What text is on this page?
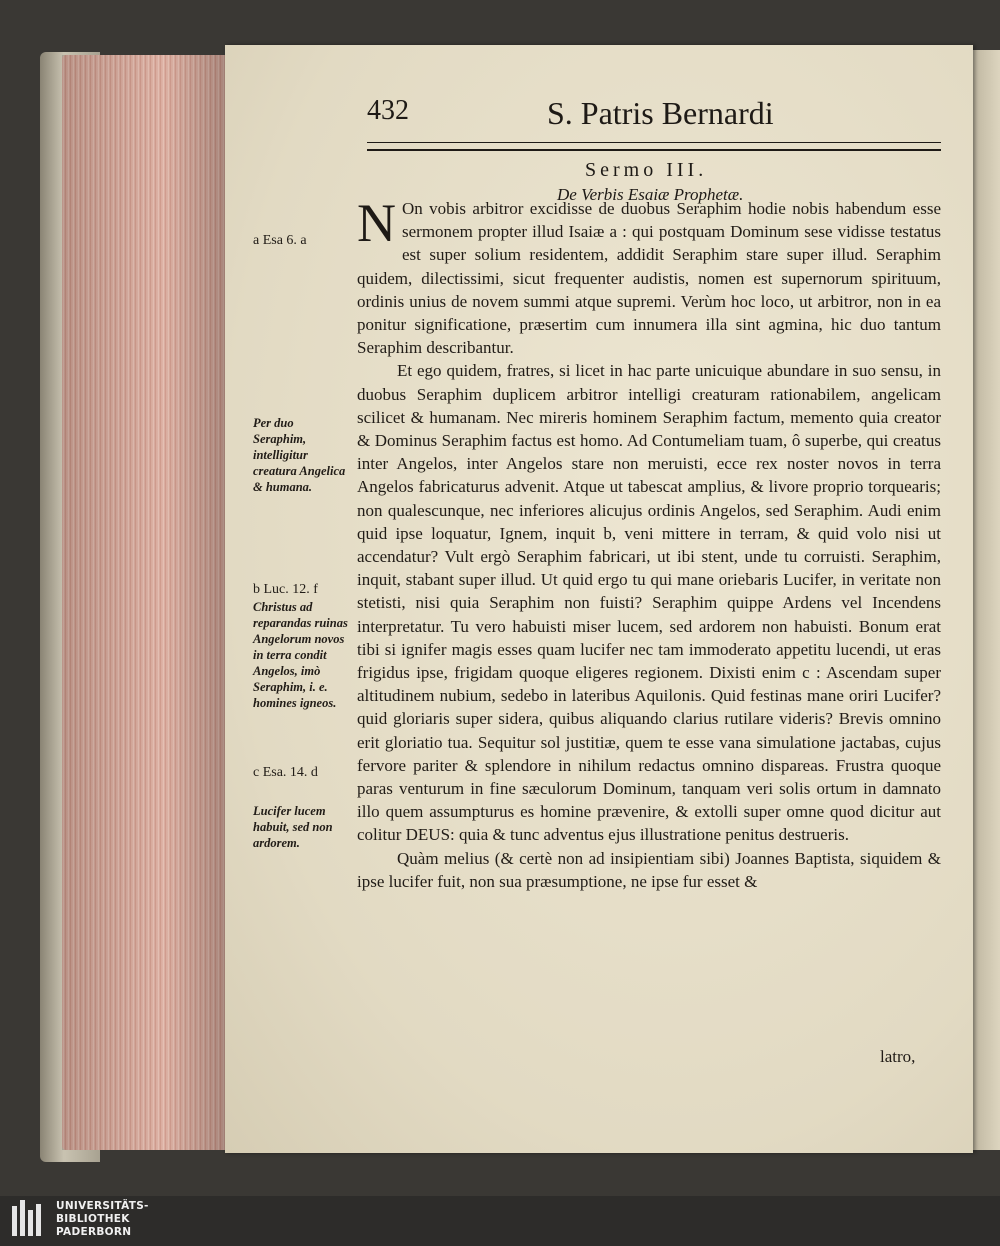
432	S. Patris Bernardi
Sermo III.
De Verbis Esaiæ Prophetæ.
a Esa 6. a
Per duo Seraphim, intelligitur creatura Angelica & humana.
b Luc. 12. f
Christus ad reparandas ruinas Angelorum novos in terra condit Angelos, imò Seraphim, i. e. homines igneos.
c Esa. 14. d
Lucifer lucem habuit, sed non ardorem.

N On vobis arbitror excidisse de duobus Seraphim hodie nobis habendum esse sermonem propter illud Isaiæ a : qui postquam Dominum sese vidisse testatus est super solium residentem, addidit Seraphim stare super illud. Seraphim quidem, dilectissimi, sicut frequenter audistis, nomen est supernorum spirituum, ordinis unius de novem summi atque supremi. Verùm hoc loco, ut arbitror, non in ea ponitur significatione, præsertim cum innumera illa sint agmina, hic duo tantum Seraphim describantur.

Et ego quidem, fratres, si licet in hac parte unicuique abundare in suo sensu, in duobus Seraphim duplicem arbitror intelligi creaturam rationabilem, angelicam scilicet & humanam. Nec mireris hominem Seraphim factum, memento quia creator & Dominus Seraphim factus est homo. Ad Contumeliam tuam, ô superbe, qui creatus inter Angelos, inter Angelos stare non meruisti, ecce rex noster novos in terra Angelos fabricaturus advenit. Atque ut tabescat amplius, & livore proprio torquearis; non qualescunque, nec inferiores alicujus ordinis Angelos, sed Seraphim. Audi enim quid ipse loquatur, Ignem, inquit b, veni mittere in terram, & quid volo nisi ut accendatur? Vult ergò Seraphim fabricari, ut ibi stent, unde tu corruisti. Seraphim, inquit, stabant super illud. Ut quid ergo tu qui mane oriebaris Lucifer, in veritate non stetisti, nisi quia Seraphim non fuisti? Seraphim quippe Ardens vel Incendens interpretatur. Tu vero habuisti miser lucem, sed ardorem non habuisti. Bonum erat tibi si ignifer magis esses quam lucifer nec tam immoderato appetitu lucendi, ut eras frigidus ipse, frigidam quoque eligeres regionem. Dixisti enim c : Ascendam super altitudinem nubium, sedebo in lateribus Aquilonis. Quid festinas mane oriri Lucifer? quid gloriaris super sidera, quibus aliquando clarius rutilare videris? Brevis omnino erit gloriatio tua. Sequitur sol justitiæ, quem te esse vana simulatione jactabas, cujus fervore pariter & splendore in nihilum redactus omnino dispareas. Frustra quoque paras venturum in fine sæculorum Dominum, tanquam veri solis ortum in damnato illo quem assumpturus es homine prævenire, & extolli super omne quod dicitur aut colitur DEUS: quia & tunc adventus ejus illustratione penitus destrueris.

Quàm melius (& certè non ad insipientiam sibi) Joannes Baptista, siquidem & ipse lucifer fuit, non sua præsumptione, ne ipse fur esset &

latro,
UNIVERSITÄTS-
BIBLIOTHEK
PADERBORN
